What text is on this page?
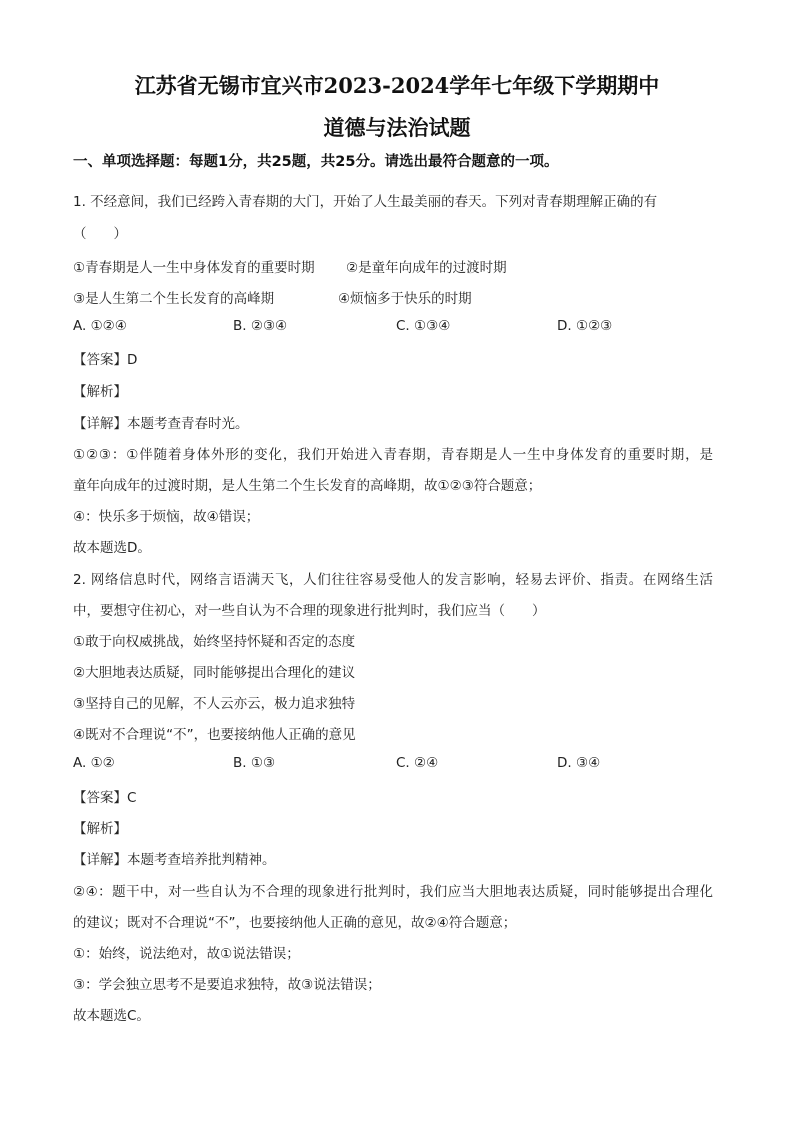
江苏省无锡市宜兴市2023-2024学年七年级下学期期中
道德与法治试题
一、单项选择题：每题1分，共25题，共25分。请选出最符合题意的一项。
1. 不经意间，我们已经跨入青春期的大门，开始了人生最美丽的春天。下列对青春期理解正确的有
（　　）
①青春期是人一生中身体发育的重要时期 ②是童年向成年的过渡时期
③是人生第二个生长发育的高峰期	④烦恼多于快乐的时期
A. ①②④	B. ②③④	C. ①③④	D. ①②③
【答案】D
【解析】
【详解】本题考查青春时光。
①②③：①伴随着身体外形的变化，我们开始进入青春期，青春期是人一生中身体发育的重要时期，是
童年向成年的过渡时期，是人生第二个生长发育的高峰期，故①②③符合题意；
④：快乐多于烦恼，故④错误；
故本题选D。
2. 网络信息时代，网络言语满天飞，人们往往容易受他人的发言影响，轻易去评价、指责。在网络生活
中，要想守住初心，对一些自认为不合理的现象进行批判时，我们应当（　　）
①敢于向权威挑战，始终坚持怀疑和否定的态度
②大胆地表达质疑，同时能够提出合理化的建议
③坚持自己的见解，不人云亦云，极力追求独特
④既对不合理说“不”，也要接纳他人正确的意见
A. ①②	B. ①③	C. ②④	D. ③④
【答案】C
【解析】
【详解】本题考查培养批判精神。
②④：题干中，对一些自认为不合理的现象进行批判时，我们应当大胆地表达质疑，同时能够提出合理化
的建议；既对不合理说“不”，也要接纳他人正确的意见，故②④符合题意；
①：始终，说法绝对，故①说法错误；
③：学会独立思考不是要追求独特，故③说法错误；
故本题选C。
